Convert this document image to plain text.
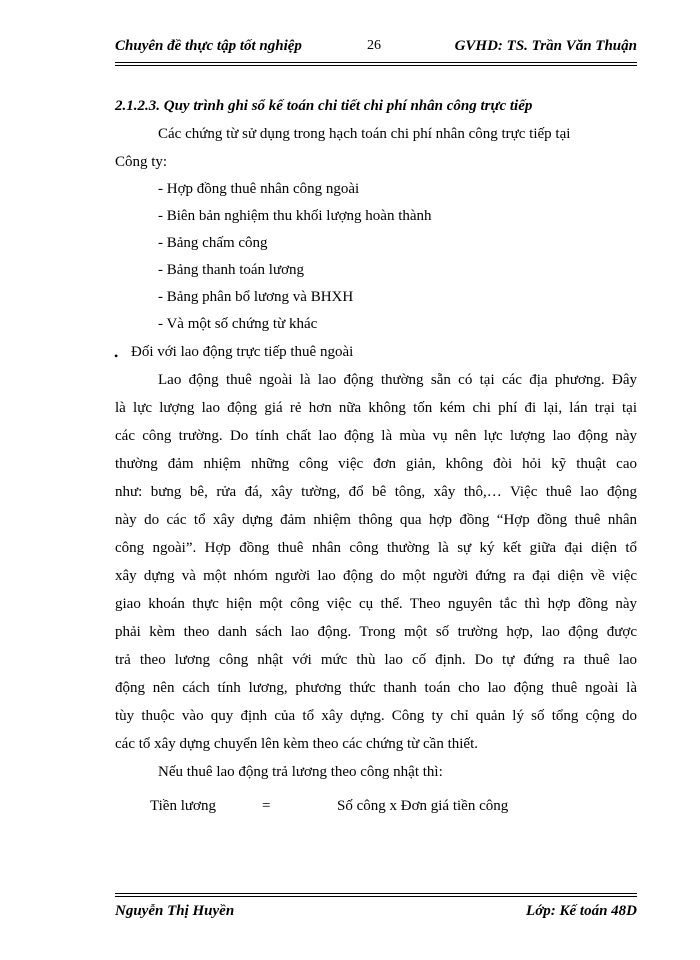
Chuyên đề thực tập tốt nghiệp	26	GVHD: TS. Trần Văn Thuận
2.1.2.3. Quy trình ghi sổ kế toán chi tiết chi phí nhân công trực tiếp
Các chứng từ sử dụng trong hạch toán chi phí nhân công trực tiếp tại
Công ty:
- Hợp đồng thuê nhân công ngoài
- Biên bản nghiệm thu khối lượng hoàn thành
- Bảng chấm công
- Bảng thanh toán lương
- Bảng phân bổ lương và BHXH
- Và một số chứng từ khác
• Đối với lao động trực tiếp thuê ngoài
Lao động thuê ngoài là lao động thường sẵn có tại các địa phương. Đây
là lực lượng lao động giá rẻ hơn nữa không tốn kém chi phí đi lại, lán trại tại
các công trường. Do tính chất lao động là mùa vụ nên lực lượng lao động này
thường đảm nhiệm những công việc đơn giản, không đòi hỏi kỹ thuật cao
như: bưng bê, rửa đá, xây tường, đổ bê tông, xây thô,… Việc thuê lao động
này do các tổ xây dựng đảm nhiệm thông qua hợp đồng “Hợp đồng thuê nhân
công ngoài”. Hợp đồng thuê nhân công thường là sự ký kết giữa đại diện tổ
xây dựng và một nhóm người lao động do một người đứng ra đại diện về việc
giao khoán thực hiện một công việc cụ thể. Theo nguyên tắc thì hợp đồng này
phải kèm theo danh sách lao động. Trong một số trường hợp, lao động được
trả theo lương công nhật với mức thù lao cố định. Do tự đứng ra thuê lao
động nên cách tính lương, phương thức thanh toán cho lao động thuê ngoài là
tùy thuộc vào quy định của tổ xây dựng. Công ty chỉ quản lý số tổng cộng do
các tổ xây dựng chuyển lên kèm theo các chứng từ cần thiết.
Nếu thuê lao động trả lương theo công nhật thì:
Tiền lương	=	Số công x Đơn giá tiền công
Nguyễn Thị Huyền	Lớp: Kế toán 48D
